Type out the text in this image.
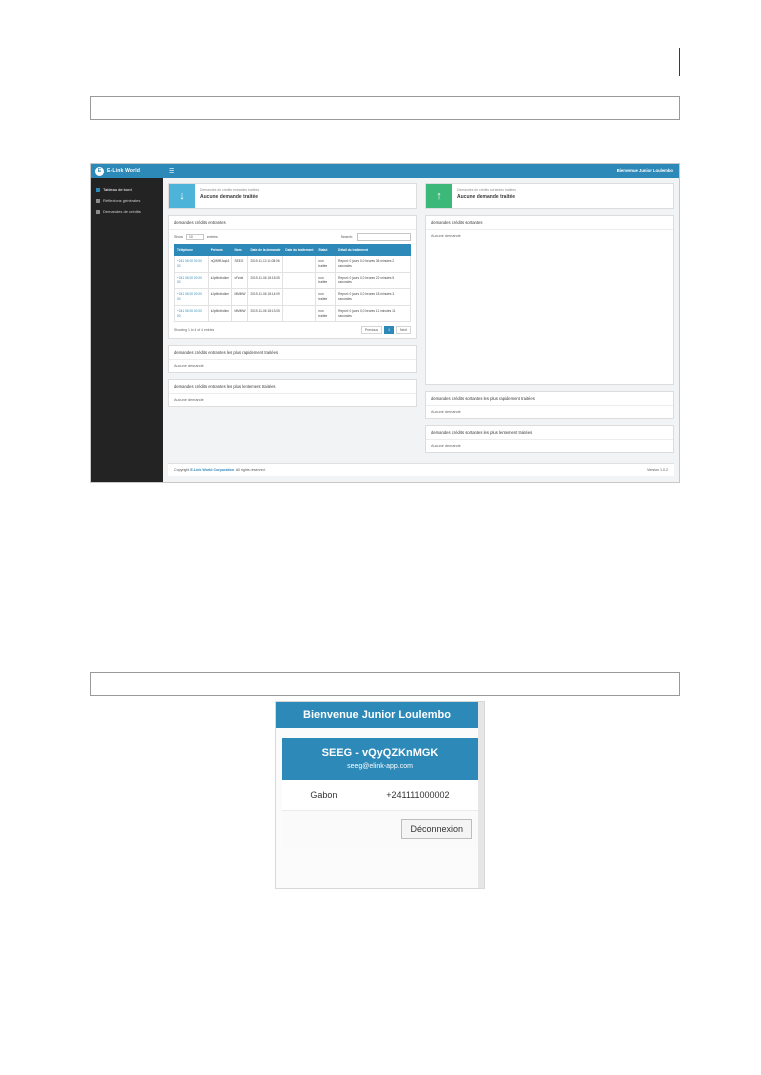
E	E-Link World	☰	Bienvenue Junior Loulembo
Tableau de bord
Réflexions générales
Demandes de crédits
↓	Demandes de crédits entrantes traitées
Aucune demande traitée	↑	Demandes de crédits sortantes traitées
Aucune demande traitée
demandes crédits entrantes
Show 10	entries	Search:
Téléphone	Prénom	Nom	Date de la demande	Date du traitement	Statut	Détail du traitement
+241 06 00 00 00 00	nQWfRJcqk1	SEEG	2019-11-13 11:08:06		non traitée	Report: 0 jours 0,0 heures 36 minutes 2 secondes
+241 06 00 00 00 00	kJpMrdhdkrn	cFzdd	2019-11-06 18:15:05		non traitée	Report: 0 jours 0,0 heures 22 minutes 5 secondes
+241 06 00 00 00 00	kJpMrdhdkrn	MMMW	2019-11-06 18:14:09		non traitée	Report: 0 jours 0,0 heures 18 minutes 3 secondes
+241 06 00 00 00 00	kJpMrdhdkrn	MMMW	2019-11-06 18:13:05		non traitée	Report: 0 jours 0,0 heures 11 minutes 11 secondes
Showing 1 to 4 of 4 entries	Previous	1	Next
demandes crédits entrantes les plus rapidement traitées
Aucune demande
demandes crédits entrantes les plus lentement traitées
Aucune demande
demandes crédits sortantes
Aucune demande
demandes crédits sortantes les plus rapidement traitées
Aucune demande
demandes crédits sortantes les plus lentement traitées
Aucune demande
Copyright E-Link World Corporation. All rights reserved.	Version 1.0.2
Bienvenue Junior Loulembo
SEEG - vQyQZKnMGK
seeg@elink-app.com
Gabon	+241111000002
Déconnexion
